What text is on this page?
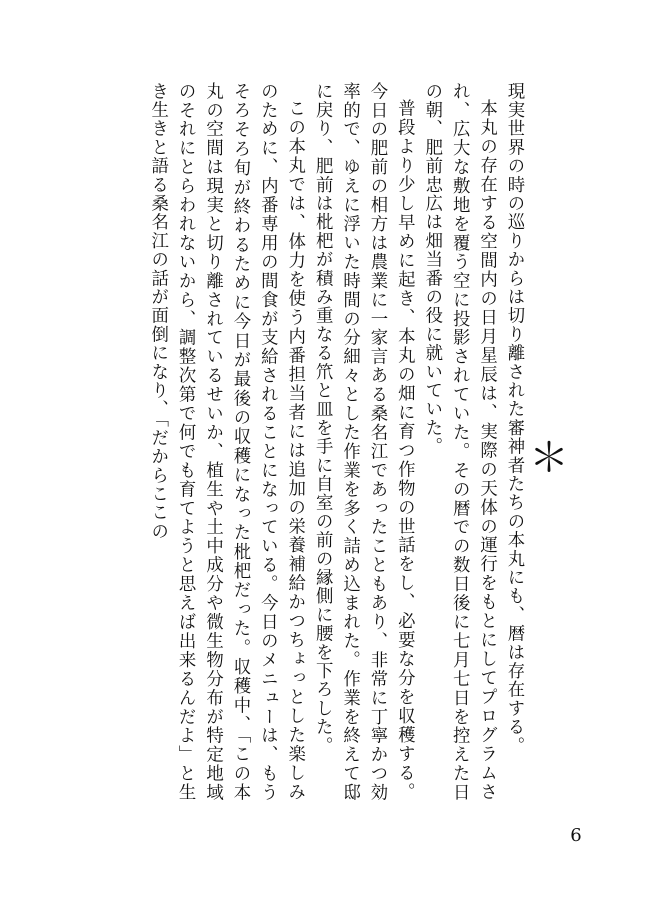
＊

現実世界の時の巡りからは切り離された審神者たちの本丸にも、暦は存在する。

本丸の存在する空間内の日月星辰は、実際の天体の運行をもとにしてプログラムされ、広大な敷地を覆う空に投影されていた。その暦での数日後に七月七日を控えた日の朝、肥前忠広は畑当番の役に就いていた。

普段より少し早めに起き、本丸の畑に育つ作物の世話をし、必要な分を収穫する。今日の肥前の相方は農業に一家言ある桑名江であったこともあり、非常に丁寧かつ効率的で、ゆえに浮いた時間の分細々とした作業を多く詰め込まれた。作業を終えて邸に戻り、肥前は枇杷が積み重なる笊と皿を手に自室の前の縁側に腰を下ろした。

この本丸では、体力を使う内番担当者には追加の栄養補給かつちょっとした楽しみのために、内番専用の間食が支給されることになっている。今日のメニューは、もうそろそろ旬が終わるために今日が最後の収穫になった枇杷だった。収穫中、「この本丸の空間は現実と切り離されているせいか、植生や土中成分や微生物分布が特定地域のそれにとらわれないから、調整次第で何でも育てようと思えば出来るんだよ」と生き生きと語る桑名江の話が面倒になり、「だからここの

6
